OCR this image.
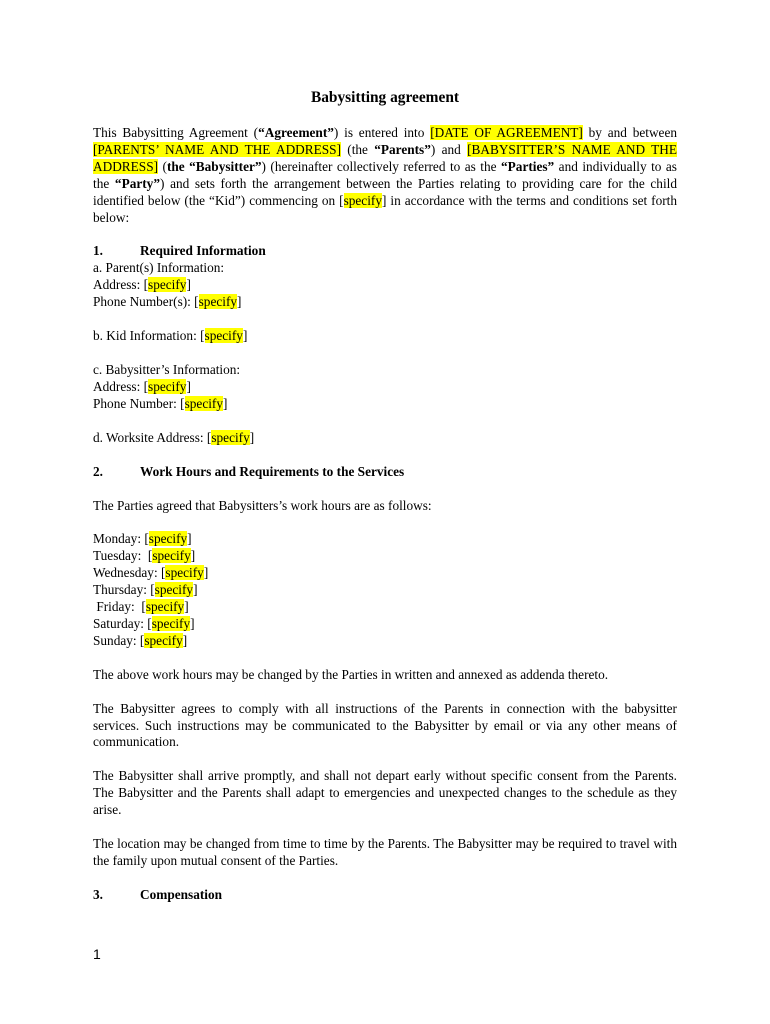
Babysitting agreement

This Babysitting Agreement (“Agreement”) is entered into [DATE OF AGREEMENT] by and between [PARENTS’ NAME AND THE ADDRESS] (the “Parents”) and [BABYSITTER’S NAME AND THE ADDRESS] (the “Babysitter”) (hereinafter collectively referred to as the “Parties” and individually to as the “Party”) and sets forth the arrangement between the Parties relating to providing care for the child identified below (the “Kid”) commencing on [specify] in accordance with the terms and conditions set forth below:

1.	Required Information

a. Parent(s) Information:

Address: [specify]

Phone Number(s): [specify]

b. Kid Information: [specify]

c. Babysitter’s Information:

Address: [specify]

Phone Number: [specify]

d. Worksite Address: [specify]

2.	Work Hours and Requirements to the Services

The Parties agreed that Babysitters’s work hours are as follows:

Monday: [specify]

Tuesday:  [specify]

Wednesday: [specify]

Thursday: [specify]

Friday:  [specify]

Saturday: [specify]

Sunday: [specify]

The above work hours may be changed by the Parties in written and annexed as addenda thereto.

The Babysitter agrees to comply with all instructions of the Parents in connection with the babysitter services. Such instructions may be communicated to the Babysitter by email or via any other means of communication.

The Babysitter shall arrive promptly, and shall not depart early without specific consent from the Parents. The Babysitter and the Parents shall adapt to emergencies and unexpected changes to the schedule as they arise.

The location may be changed from time to time by the Parents. The Babysitter may be required to travel with the family upon mutual consent of the Parties.

3.	Compensation

1
